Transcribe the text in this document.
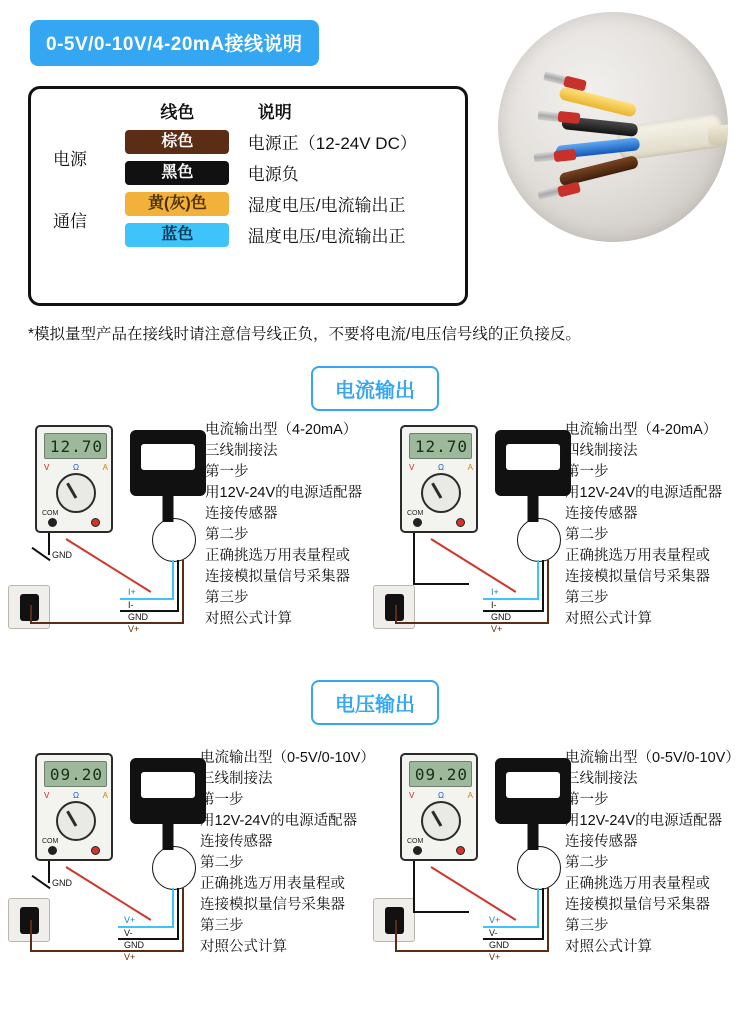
0-5V/0-10V/4-20mA接线说明
	线色	说明
电源	棕色	电源正（12-24V DC）
	黑色	电源负
通信	黄(灰)色	湿度电压/电流输出正
	蓝色	温度电压/电流输出正
*模拟量型产品在接线时请注意信号线正负，不要将电流/电压信号线的正负接反。
电流输出
12.70
V	Ω	A
COM
GND
I+
I-
GND
V+
电流输出型（4-20mA）
三线制接法
第一步
用12V-24V的电源适配器
连接传感器
第二步
正确挑选万用表量程或
连接模拟量信号采集器
第三步
对照公式计算
12.70
V	Ω	A
COM
I+
I-
GND
V+
电流输出型（4-20mA）
四线制接法
第一步
用12V-24V的电源适配器
连接传感器
第二步
正确挑选万用表量程或
连接模拟量信号采集器
第三步
对照公式计算
电压输出
09.20
V	Ω	A
COM
GND
V+
V-
GND
V+
电流输出型（0-5V/0-10V）
三线制接法
第一步
用12V-24V的电源适配器
连接传感器
第二步
正确挑选万用表量程或
连接模拟量信号采集器
第三步
对照公式计算
09.20
V	Ω	A
COM
V+
V-
GND
V+
电流输出型（0-5V/0-10V）
三线制接法
第一步
用12V-24V的电源适配器
连接传感器
第二步
正确挑选万用表量程或
连接模拟量信号采集器
第三步
对照公式计算
